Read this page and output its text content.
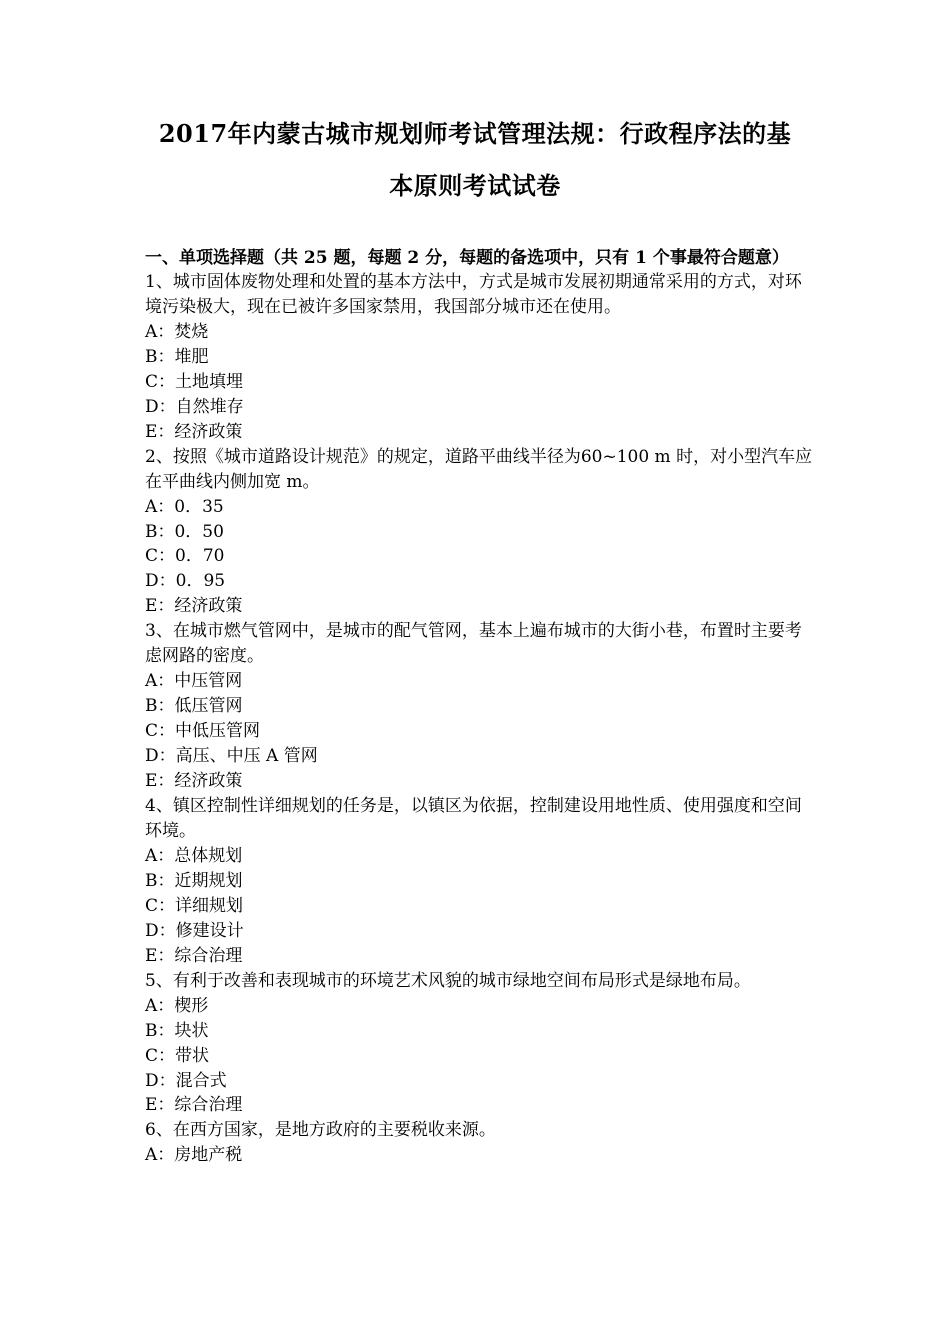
2017年内蒙古城市规划师考试管理法规：行政程序法的基
本原则考试试卷

一、单项选择题（共 25 题，每题 2 分，每题的备选项中，只有 1 个事最符合题意）

1、城市固体废物处理和处置的基本方法中，方式是城市发展初期通常采用的方式，对环境污染极大，现在已被许多国家禁用，我国部分城市还在使用。

A：焚烧

B：堆肥

C：土地填埋

D：自然堆存

E：经济政策

2、按照《城市道路设计规范》的规定，道路平曲线半径为60~100 m 时，对小型汽车应在平曲线内侧加宽 m。

A：0．35

B：0．50

C：0．70

D：0．95

E：经济政策

3、在城市燃气管网中，是城市的配气管网，基本上遍布城市的大街小巷，布置时主要考虑网路的密度。

A：中压管网

B：低压管网

C：中低压管网

D：高压、中压 A 管网

E：经济政策

4、镇区控制性详细规划的任务是，以镇区为依据，控制建设用地性质、使用强度和空间环境。

A：总体规划

B：近期规划

C：详细规划

D：修建设计

E：综合治理

5、有利于改善和表现城市的环境艺术风貌的城市绿地空间布局形式是绿地布局。

A：楔形

B：块状

C：带状

D：混合式

E：综合治理

6、在西方国家，是地方政府的主要税收来源。

A：房地产税
